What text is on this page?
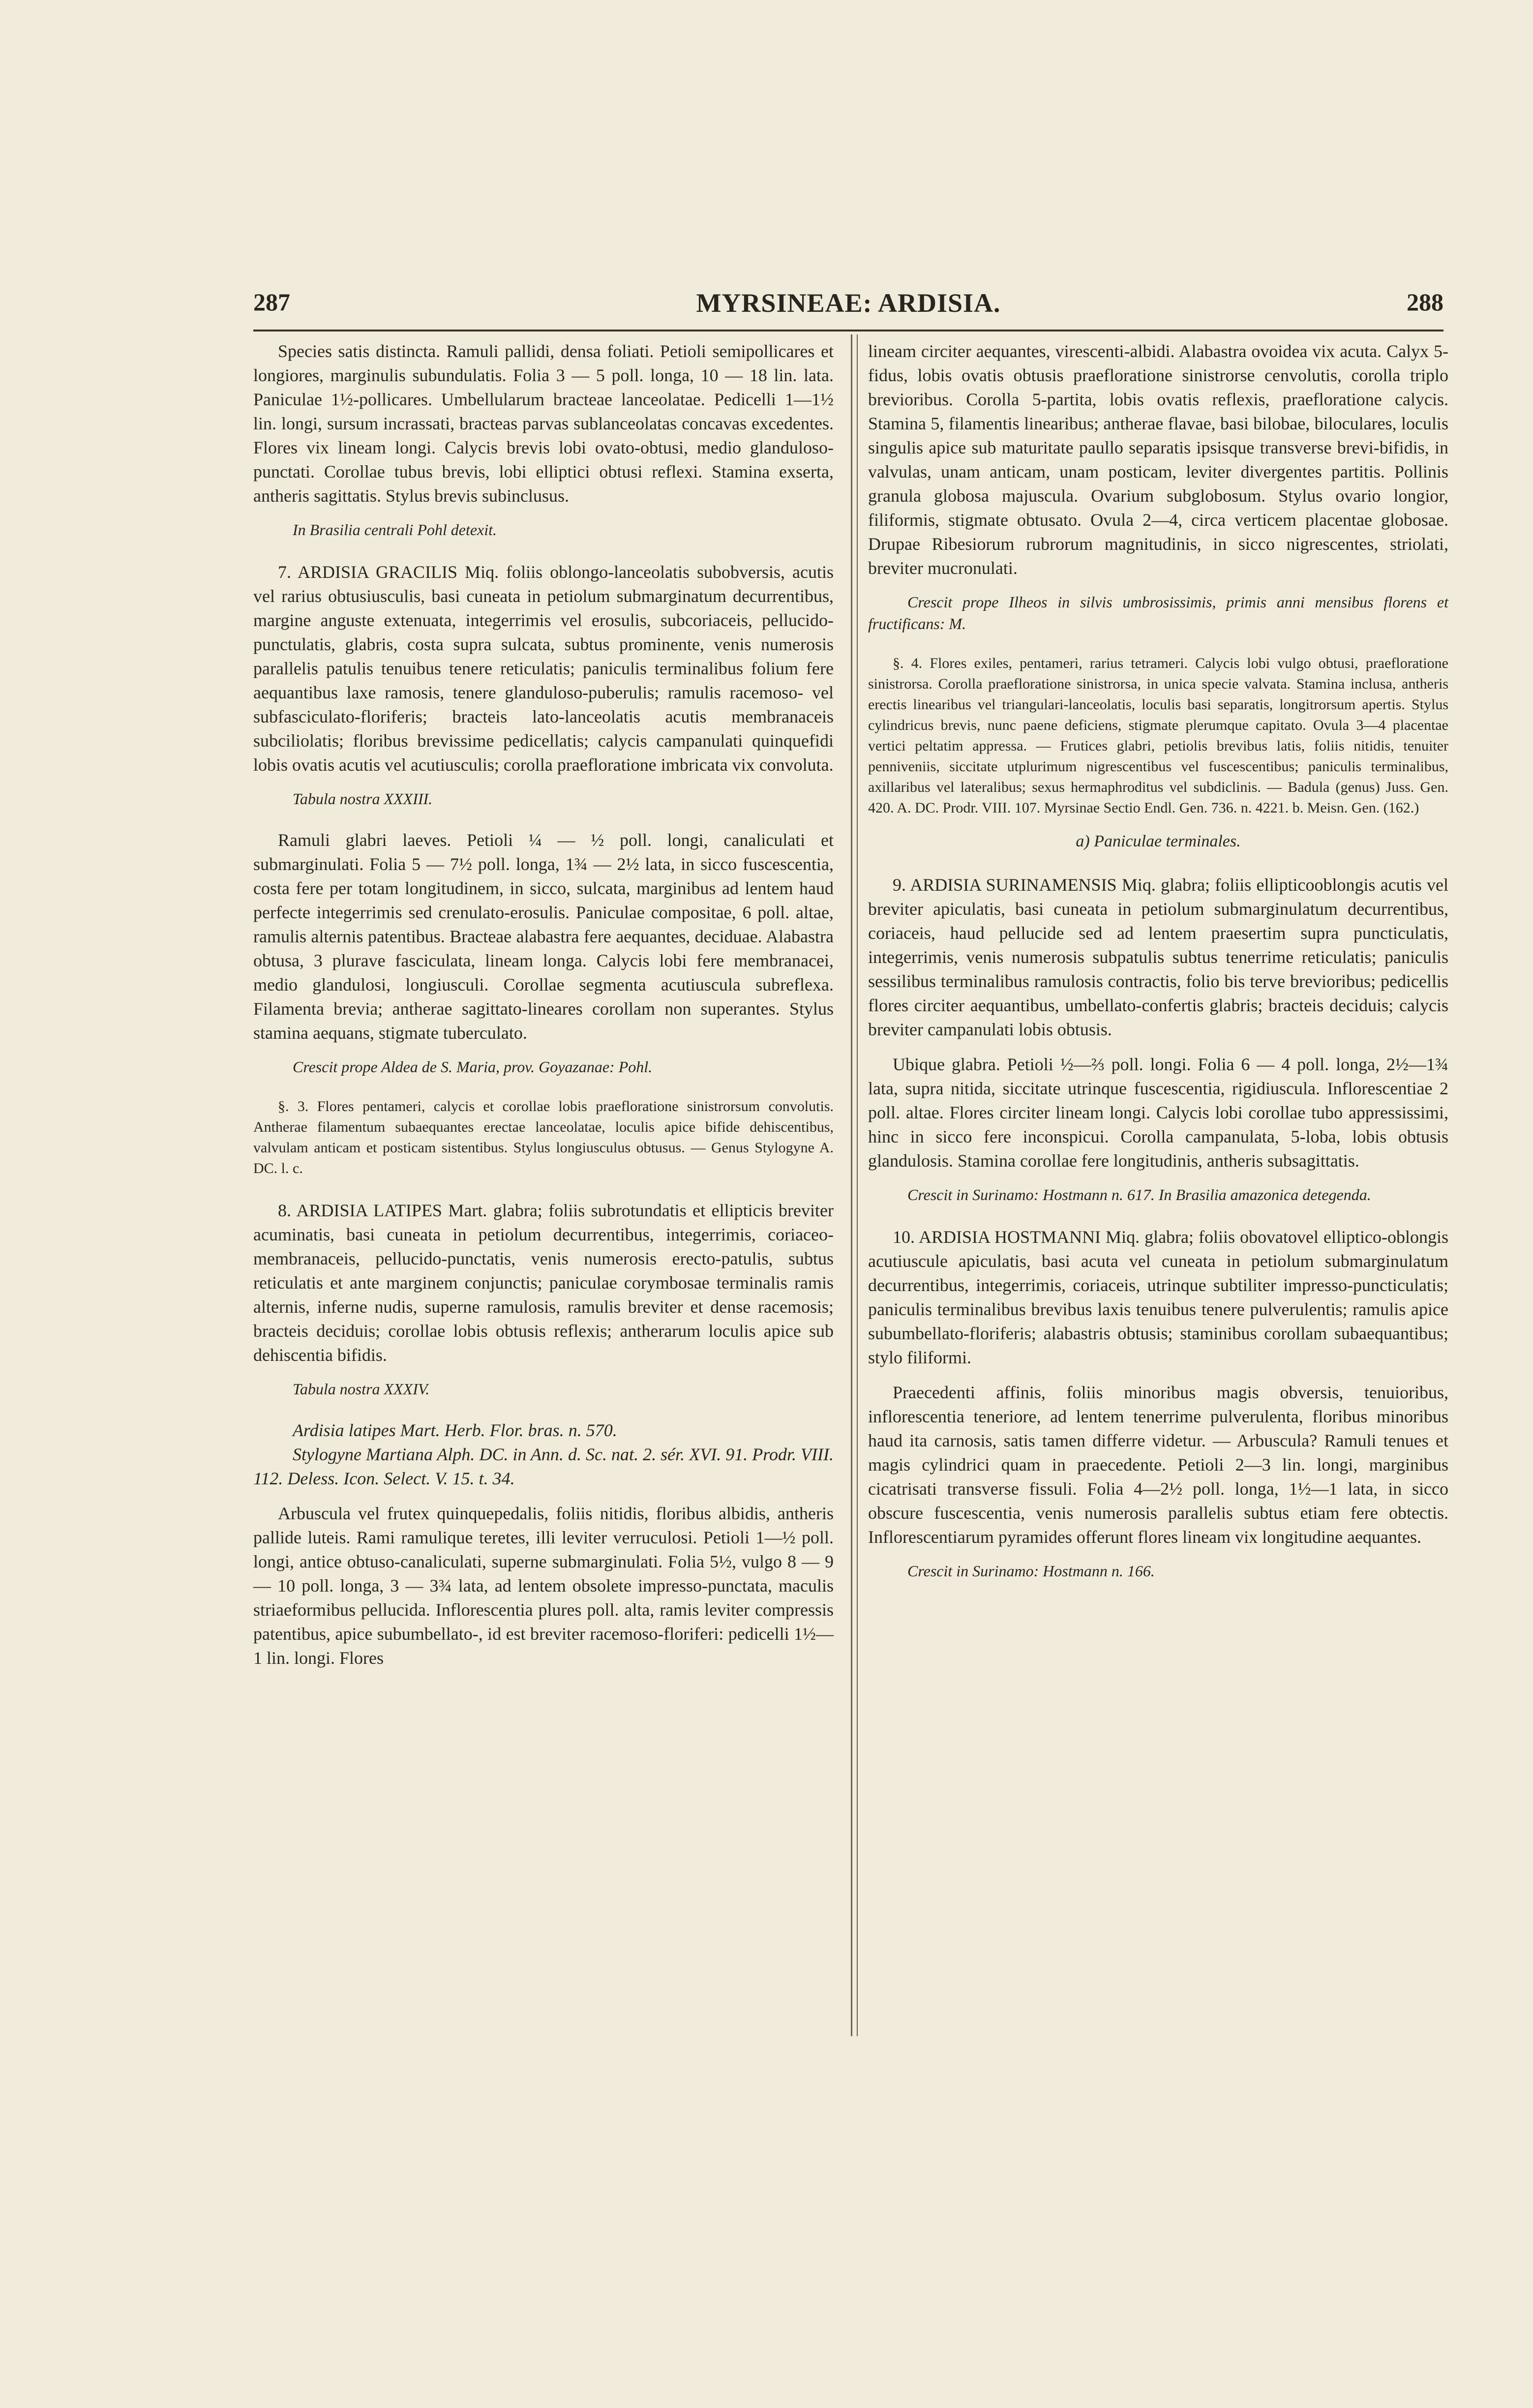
287	MYRSINEAE: ARDISIA.	288

Species satis distincta. Ramuli pallidi, densa foliati. Petioli semipollicares et longiores, marginulis subundulatis. Folia 3 — 5 poll. longa, 10 — 18 lin. lata. Paniculae 1½-pollicares. Umbellularum bracteae lanceolatae. Pedicelli 1—1½ lin. longi, sursum incrassati, bracteas parvas sublanceolatas concavas excedentes. Flores vix lineam longi. Calycis brevis lobi ovato-obtusi, medio glanduloso-punctati. Corollae tubus brevis, lobi elliptici obtusi reflexi. Stamina exserta, antheris sagittatis. Stylus brevis subinclusus.

In Brasilia centrali Pohl detexit.

7. ARDISIA GRACILIS Miq. foliis oblongo-lanceolatis subobversis, acutis vel rarius obtusiusculis, basi cuneata in petiolum submarginatum decurrentibus, margine anguste extenuata, integerrimis vel erosulis, subcoriaceis, pellucido-punctulatis, glabris, costa supra sulcata, subtus prominente, venis numerosis parallelis patulis tenuibus tenere reticulatis; paniculis terminalibus folium fere aequantibus laxe ramosis, tenere glanduloso-puberulis; ramulis racemoso- vel subfasciculato-floriferis; bracteis lato-lanceolatis acutis membranaceis subciliolatis; floribus brevissime pedicellatis; calycis campanulati quinquefidi lobis ovatis acutis vel acutiusculis; corolla praefloratione imbricata vix convoluta.

Tabula nostra XXXIII.

Ramuli glabri laeves. Petioli ¼ — ½ poll. longi, canaliculati et submarginulati. Folia 5 — 7½ poll. longa, 1¾ — 2½ lata, in sicco fuscescentia, costa fere per totam longitudinem, in sicco, sulcata, marginibus ad lentem haud perfecte integerrimis sed crenulato-erosulis. Paniculae compositae, 6 poll. altae, ramulis alternis patentibus. Bracteae alabastra fere aequantes, deciduae. Alabastra obtusa, 3 plurave fasciculata, lineam longa. Calycis lobi fere membranacei, medio glandulosi, longiusculi. Corollae segmenta acutiuscula subreflexa. Filamenta brevia; antherae sagittato-lineares corollam non superantes. Stylus stamina aequans, stigmate tuberculato.

Crescit prope Aldea de S. Maria, prov. Goyazanae: Pohl.

§. 3. Flores pentameri, calycis et corollae lobis praefloratione sinistrorsum convolutis. Antherae filamentum subaequantes erectae lanceolatae, loculis apice bifide dehiscentibus, valvulam anticam et posticam sistentibus. Stylus longiusculus obtusus. — Genus Stylogyne A. DC. l. c.

8. ARDISIA LATIPES Mart. glabra; foliis subrotundatis et ellipticis breviter acuminatis, basi cuneata in petiolum decurrentibus, integerrimis, coriaceo-membranaceis, pellucido-punctatis, venis numerosis erecto-patulis, subtus reticulatis et ante marginem conjunctis; paniculae corymbosae terminalis ramis alternis, inferne nudis, superne ramulosis, ramulis breviter et dense racemosis; bracteis deciduis; corollae lobis obtusis reflexis; antherarum loculis apice sub dehiscentia bifidis.

Tabula nostra XXXIV.

Ardisia latipes Mart. Herb. Flor. bras. n. 570.

Stylogyne Martiana Alph. DC. in Ann. d. Sc. nat. 2. sér. XVI. 91. Prodr. VIII. 112. Deless. Icon. Select. V. 15. t. 34.

Arbuscula vel frutex quinquepedalis, foliis nitidis, floribus albidis, antheris pallide luteis. Rami ramulique teretes, illi leviter verruculosi. Petioli 1—½ poll. longi, antice obtuso-canaliculati, superne submarginulati. Folia 5½, vulgo 8 — 9 — 10 poll. longa, 3 — 3¾ lata, ad lentem obsolete impresso-punctata, maculis striaeformibus pellucida. Inflorescentia plures poll. alta, ramis leviter compressis patentibus, apice subumbellato-, id est breviter racemoso-floriferi: pedicelli 1½—1 lin. longi. Flores

lineam circiter aequantes, virescenti-albidi. Alabastra ovoidea vix acuta. Calyx 5-fidus, lobis ovatis obtusis praefloratione sinistrorse cenvolutis, corolla triplo brevioribus. Corolla 5-partita, lobis ovatis reflexis, praefloratione calycis. Stamina 5, filamentis linearibus; antherae flavae, basi bilobae, biloculares, loculis singulis apice sub maturitate paullo separatis ipsisque transverse brevi-bifidis, in valvulas, unam anticam, unam posticam, leviter divergentes partitis. Pollinis granula globosa majuscula. Ovarium subglobosum. Stylus ovario longior, filiformis, stigmate obtusato. Ovula 2—4, circa verticem placentae globosae. Drupae Ribesiorum rubrorum magnitudinis, in sicco nigrescentes, striolati, breviter mucronulati.

Crescit prope Ilheos in silvis umbrosissimis, primis anni mensibus florens et fructificans: M.

§. 4. Flores exiles, pentameri, rarius tetrameri. Calycis lobi vulgo obtusi, praefloratione sinistrorsa. Corolla praefloratione sinistrorsa, in unica specie valvata. Stamina inclusa, antheris erectis linearibus vel triangulari-lanceolatis, loculis basi separatis, longitrorsum apertis. Stylus cylindricus brevis, nunc paene deficiens, stigmate plerumque capitato. Ovula 3—4 placentae vertici peltatim appressa. — Frutices glabri, petiolis brevibus latis, foliis nitidis, tenuiter penniveniis, siccitate utplurimum nigrescentibus vel fuscescentibus; paniculis terminalibus, axillaribus vel lateralibus; sexus hermaphroditus vel subdiclinis. — Badula (genus) Juss. Gen. 420. A. DC. Prodr. VIII. 107. Myrsinae Sectio Endl. Gen. 736. n. 4221. b. Meisn. Gen. (162.)

a) Paniculae terminales.

9. ARDISIA SURINAMENSIS Miq. glabra; foliis ellipticooblongis acutis vel breviter apiculatis, basi cuneata in petiolum submarginulatum decurrentibus, coriaceis, haud pellucide sed ad lentem praesertim supra puncticulatis, integerrimis, venis numerosis subpatulis subtus tenerrime reticulatis; paniculis sessilibus terminalibus ramulosis contractis, folio bis terve brevioribus; pedicellis flores circiter aequantibus, umbellato-confertis glabris; bracteis deciduis; calycis breviter campanulati lobis obtusis.

Ubique glabra. Petioli ½—⅔ poll. longi. Folia 6 — 4 poll. longa, 2½—1¾ lata, supra nitida, siccitate utrinque fuscescentia, rigidiuscula. Inflorescentiae 2 poll. altae. Flores circiter lineam longi. Calycis lobi corollae tubo appressissimi, hinc in sicco fere inconspicui. Corolla campanulata, 5-loba, lobis obtusis glandulosis. Stamina corollae fere longitudinis, antheris subsagittatis.

Crescit in Surinamo: Hostmann n. 617. In Brasilia amazonica detegenda.

10. ARDISIA HOSTMANNI Miq. glabra; foliis obovatovel elliptico-oblongis acutiuscule apiculatis, basi acuta vel cuneata in petiolum submarginulatum decurrentibus, integerrimis, coriaceis, utrinque subtiliter impresso-puncticulatis; paniculis terminalibus brevibus laxis tenuibus tenere pulverulentis; ramulis apice subumbellato-floriferis; alabastris obtusis; staminibus corollam subaequantibus; stylo filiformi.

Praecedenti affinis, foliis minoribus magis obversis, tenuioribus, inflorescentia teneriore, ad lentem tenerrime pulverulenta, floribus minoribus haud ita carnosis, satis tamen differre videtur. — Arbuscula? Ramuli tenues et magis cylindrici quam in praecedente. Petioli 2—3 lin. longi, marginibus cicatrisati transverse fissuli. Folia 4—2½ poll. longa, 1½—1 lata, in sicco obscure fuscescentia, venis numerosis parallelis subtus etiam fere obtectis. Inflorescentiarum pyramides offerunt flores lineam vix longitudine aequantes.

Crescit in Surinamo: Hostmann n. 166.
